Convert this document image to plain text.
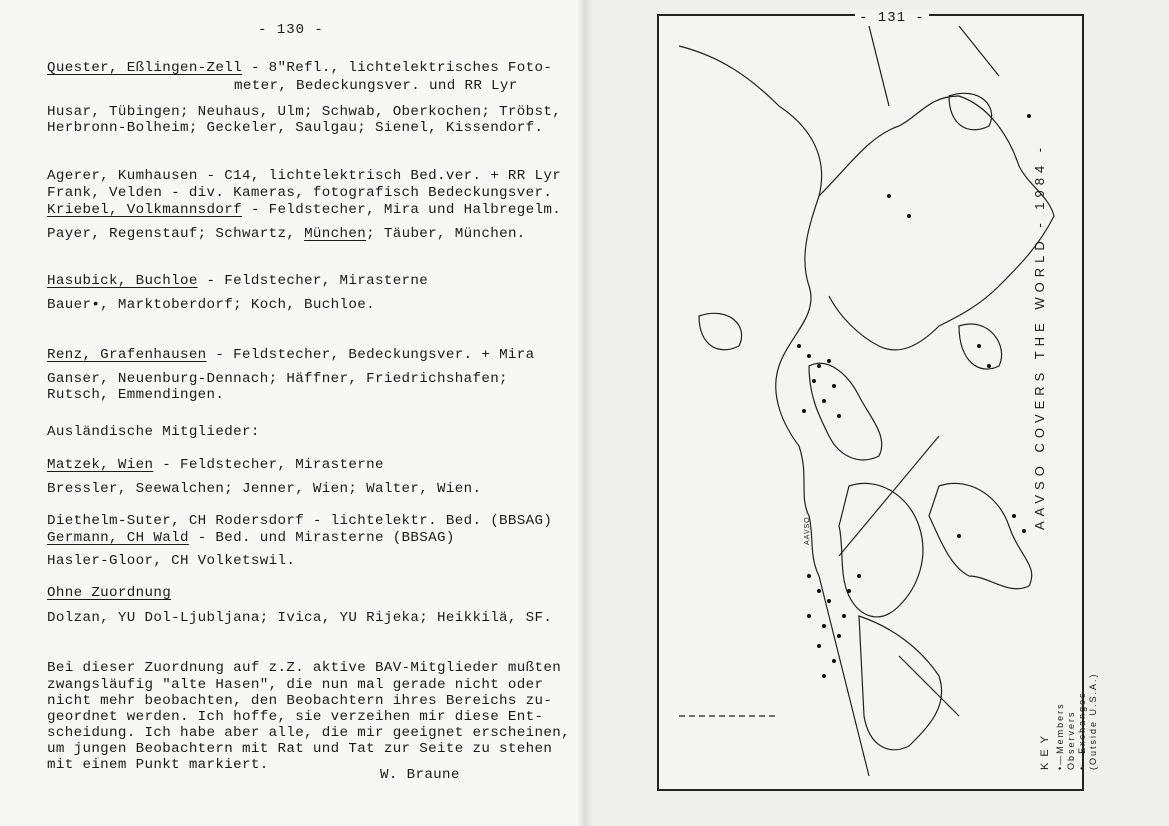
- 130 -
Quester, Eßlingen-Zell - 8"Refl., lichtelektrisches Foto-
meter, Bedeckungsver. und RR Lyr
Husar, Tübingen; Neuhaus, Ulm; Schwab, Oberkochen; Tröbst,
Herbronn-Bolheim; Geckeler, Saulgau; Sienel, Kissendorf.
Agerer, Kumhausen - C14, lichtelektrisch Bed.ver. + RR Lyr
Frank, Velden - div. Kameras, fotografisch Bedeckungsver.
Kriebel, Volkmannsdorf - Feldstecher, Mira und Halbregelm.
Payer, Regenstauf; Schwartz, München; Täuber, München.
Hasubick, Buchloe - Feldstecher, Mirasterne
Bauer•, Marktoberdorf; Koch, Buchloe.
Renz, Grafenhausen - Feldstecher, Bedeckungsver. + Mira
Ganser, Neuenburg-Dennach; Häffner, Friedrichshafen;
Rutsch, Emmendingen.
Ausländische Mitglieder:
Matzek, Wien - Feldstecher, Mirasterne
Bressler, Seewalchen; Jenner, Wien; Walter, Wien.
Diethelm-Suter, CH Rodersdorf - lichtelektr. Bed. (BBSAG)
Germann, CH Wald - Bed. und Mirasterne (BBSAG)
Hasler-Gloor, CH Volketswil.
Ohne Zuordnung
Dolzan, YU Dol-Ljubljana; Ivica, YU Rijeka; Heikkilä, SF.
Bei dieser Zuordnung auf z.Z. aktive BAV-Mitglieder mußten
zwangsläufig "alte Hasen", die nun mal gerade nicht oder
nicht mehr beobachten, den Beobachtern ihres Bereichs zu-
geordnet werden. Ich hoffe, sie verzeihen mir diese Ent-
scheidung. Ich habe aber alle, die mir geeignet erscheinen,
um jungen Beobachtern mit Rat und Tat zur Seite zu stehen
mit einem Punkt markiert.
W. Braune
- 131 -
AAVSO COVERS THE WORLD - 1984 -
AAVSO
KEY •—Members Observers •—Exchanges (Outside U.S.A.)
